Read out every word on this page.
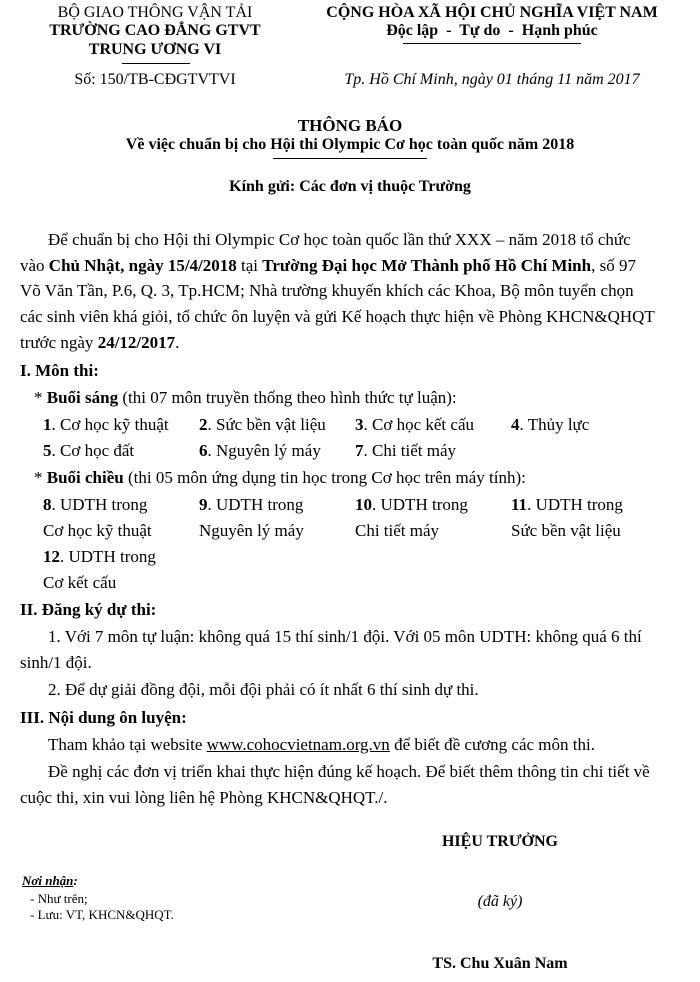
BỘ GIAO THÔNG VẬN TẢI
TRƯỜNG CAO ĐẲNG GTVT
TRUNG ƯƠNG VI
Số: 150/TB-CĐGTVTVI
CỘNG HÒA XÃ HỘI CHỦ NGHĨA VIỆT NAM
Độc lập  -  Tự do  -  Hạnh phúc
Tp. Hồ Chí Minh, ngày 01 tháng 11 năm 2017
THÔNG BÁO
Về việc chuẩn bị cho Hội thi Olympic Cơ học toàn quốc năm 2018
Kính gửi: Các đơn vị thuộc Trường
Để chuẩn bị cho Hội thi Olympic Cơ học toàn quốc lần thứ XXX – năm 2018 tổ chức
vào Chủ Nhật, ngày 15/4/2018 tại Trường Đại học Mở Thành phố Hồ Chí Minh, số 97
Võ Văn Tần, P.6, Q. 3, Tp.HCM; Nhà trường khuyến khích các Khoa, Bộ môn tuyển chọn
các sinh viên khá giỏi, tổ chức ôn luyện và gửi Kế hoạch thực hiện về Phòng KHCN&QHQT
trước ngày 24/12/2017.
I. Môn thi:
* Buổi sáng (thi 07 môn truyền thống theo hình thức tự luận):
1. Cơ học kỹ thuật 2. Sức bền vật liệu 3. Cơ học kết cấu 4. Thủy lực
5. Cơ học đất	6. Nguyên lý máy 7. Chi tiết máy
* Buổi chiều (thi 05 môn ứng dụng tin học trong Cơ học trên máy tính):
8. UDTH trong
Cơ học kỹ thuật
9. UDTH trong
Nguyên lý máy
10. UDTH trong
Chi tiết máy
11. UDTH trong
Sức bền vật liệu
12. UDTH trong
Cơ kết cấu
II. Đăng ký dự thi:
1. Với 7 môn tự luận: không quá 15 thí sinh/1 đội. Với 05 môn UDTH: không quá 6 thí
sinh/1 đội.
2. Để dự giải đồng đội, mỗi đội phải có ít nhất 6 thí sinh dự thi.
III. Nội dung ôn luyện:
Tham khảo tại website www.cohocvietnam.org.vn để biết đề cương các môn thi.
Đề nghị các đơn vị triển khai thực hiện đúng kế hoạch. Để biết thêm thông tin chi tiết về
cuộc thi, xin vui lòng liên hệ Phòng KHCN&QHQT./.
HIỆU TRƯỞNG
Nơi nhận:
- Như trên;
- Lưu: VT, KHCN&QHQT.
(đã ký)
TS. Chu Xuân Nam
